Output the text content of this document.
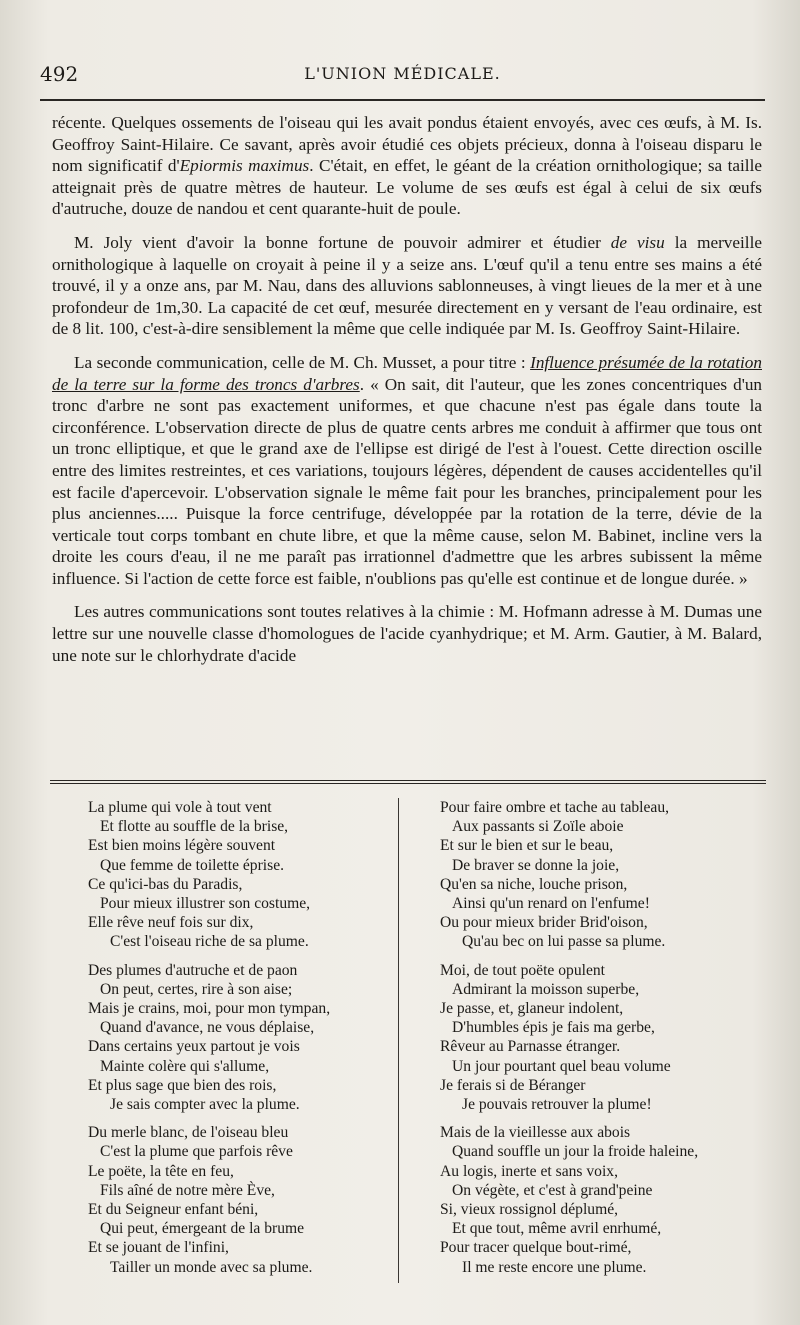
492	L'UNION MÉDICALE.

récente. Quelques ossements de l'oiseau qui les avait pondus étaient envoyés, avec ces œufs, à M. Is. Geoffroy Saint-Hilaire. Ce savant, après avoir étudié ces objets précieux, donna à l'oiseau disparu le nom significatif d'Epiormis maximus. C'était, en effet, le géant de la création ornithologique; sa taille atteignait près de quatre mètres de hauteur. Le volume de ses œufs est égal à celui de six œufs d'autruche, douze de nandou et cent quarante-huit de poule.

M. Joly vient d'avoir la bonne fortune de pouvoir admirer et étudier de visu la merveille ornithologique à laquelle on croyait à peine il y a seize ans. L'œuf qu'il a tenu entre ses mains a été trouvé, il y a onze ans, par M. Nau, dans des alluvions sablonneuses, à vingt lieues de la mer et à une profondeur de 1m,30. La capacité de cet œuf, mesurée directement en y versant de l'eau ordinaire, est de 8 lit. 100, c'est-à-dire sensiblement la même que celle indiquée par M. Is. Geoffroy Saint-Hilaire.

La seconde communication, celle de M. Ch. Musset, a pour titre : Influence présumée de la rotation de la terre sur la forme des troncs d'arbres. « On sait, dit l'auteur, que les zones concentriques d'un tronc d'arbre ne sont pas exactement uniformes, et que chacune n'est pas égale dans toute la circonférence. L'observation directe de plus de quatre cents arbres me conduit à affirmer que tous ont un tronc elliptique, et que le grand axe de l'ellipse est dirigé de l'est à l'ouest. Cette direction oscille entre des limites restreintes, et ces variations, toujours légères, dépendent de causes accidentelles qu'il est facile d'apercevoir. L'observation signale le même fait pour les branches, principalement pour les plus anciennes..... Puisque la force centrifuge, développée par la rotation de la terre, dévie de la verticale tout corps tombant en chute libre, et que la même cause, selon M. Babinet, incline vers la droite les cours d'eau, il ne me paraît pas irrationnel d'admettre que les arbres subissent la même influence. Si l'action de cette force est faible, n'oublions pas qu'elle est continue et de longue durée. »

Les autres communications sont toutes relatives à la chimie : M. Hofmann adresse à M. Dumas une lettre sur une nouvelle classe d'homologues de l'acide cyanhydrique; et M. Arm. Gautier, à M. Balard, une note sur le chlorhydrate d'acide

La plume qui vole à tout vent
Et flotte au souffle de la brise,
Est bien moins légère souvent
Que femme de toilette éprise.
Ce qu'ici-bas du Paradis,
Pour mieux illustrer son costume,
Elle rêve neuf fois sur dix,
C'est l'oiseau riche de sa plume.
Des plumes d'autruche et de paon
On peut, certes, rire à son aise;
Mais je crains, moi, pour mon tympan,
Quand d'avance, ne vous déplaise,
Dans certains yeux partout je vois
Mainte colère qui s'allume,
Et plus sage que bien des rois,
Je sais compter avec la plume.
Du merle blanc, de l'oiseau bleu
C'est la plume que parfois rêve
Le poëte, la tête en feu,
Fils aîné de notre mère Ève,
Et du Seigneur enfant béni,
Qui peut, émergeant de la brume
Et se jouant de l'infini,
Tailler un monde avec sa plume.
Pour faire ombre et tache au tableau,
Aux passants si Zoïle aboie
Et sur le bien et sur le beau,
De braver se donne la joie,
Qu'en sa niche, louche prison,
Ainsi qu'un renard on l'enfume!
Ou pour mieux brider Brid'oison,
Qu'au bec on lui passe sa plume.
Moi, de tout poëte opulent
Admirant la moisson superbe,
Je passe, et, glaneur indolent,
D'humbles épis je fais ma gerbe,
Rêveur au Parnasse étranger.
Un jour pourtant quel beau volume
Je ferais si de Béranger
Je pouvais retrouver la plume!
Mais de la vieillesse aux abois
Quand souffle un jour la froide haleine,
Au logis, inerte et sans voix,
On végète, et c'est à grand'peine
Si, vieux rossignol déplumé,
Et que tout, même avril enrhumé,
Pour tracer quelque bout-rimé,
Il me reste encore une plume.
